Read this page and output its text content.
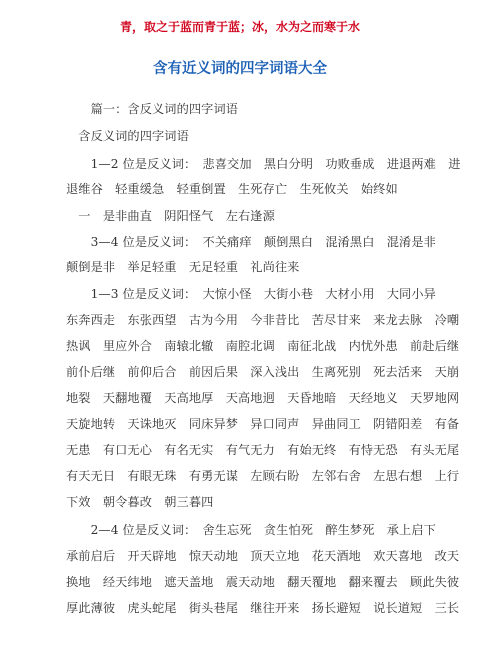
青，取之于蓝而青于蓝；冰，水为之而寒于水
含有近义词的四字词语大全
　　篇一：含反义词的四字词语
　含反义词的四字词语
　　1—2 位是反义词：　悲喜交加　黑白分明　功败垂成　进退两难　进
退维谷　轻重缓急　轻重倒置　生死存亡　生死攸关　始终如
　一　是非曲直　阴阳怪气　左右逢源
　　3—4 位是反义词：　不关痛痒　颠倒黑白　混淆黑白　混淆是非
颠倒是非　举足轻重　无足轻重　礼尚往来
　　1—3 位是反义词：　大惊小怪　大街小巷　大材小用　大同小异
东奔西走　东张西望　古为今用　今非昔比　苦尽甘来　来龙去脉　冷嘲
热讽　里应外合　南辕北辙　南腔北调　南征北战　内忧外患　前赴后继
前仆后继　前仰后合　前因后果　深入浅出　生离死别　死去活来　天崩
地裂　天翻地覆　天高地厚　天高地迥　天昏地暗　天经地义　天罗地网
天旋地转　天诛地灭　同床异梦　异口同声　异曲同工　阴错阳差　有备
无患　有口无心　有名无实　有气无力　有始无终　有恃无恐　有头无尾
有天无日　有眼无珠　有勇无谋　左顾右盼　左邻右舍　左思右想　上行
下效　朝令暮改　朝三暮四
　　2—4 位是反义词：　舍生忘死　贪生怕死　醉生梦死　承上启下
承前启后　开天辟地　惊天动地　顶天立地　花天酒地　欢天喜地　改天
换地　经天纬地　遮天盖地　震天动地　翻天覆地　翻来覆去　顾此失彼
厚此薄彼　虎头蛇尾　街头巷尾　继往开来　扬长避短　说长道短　三长
